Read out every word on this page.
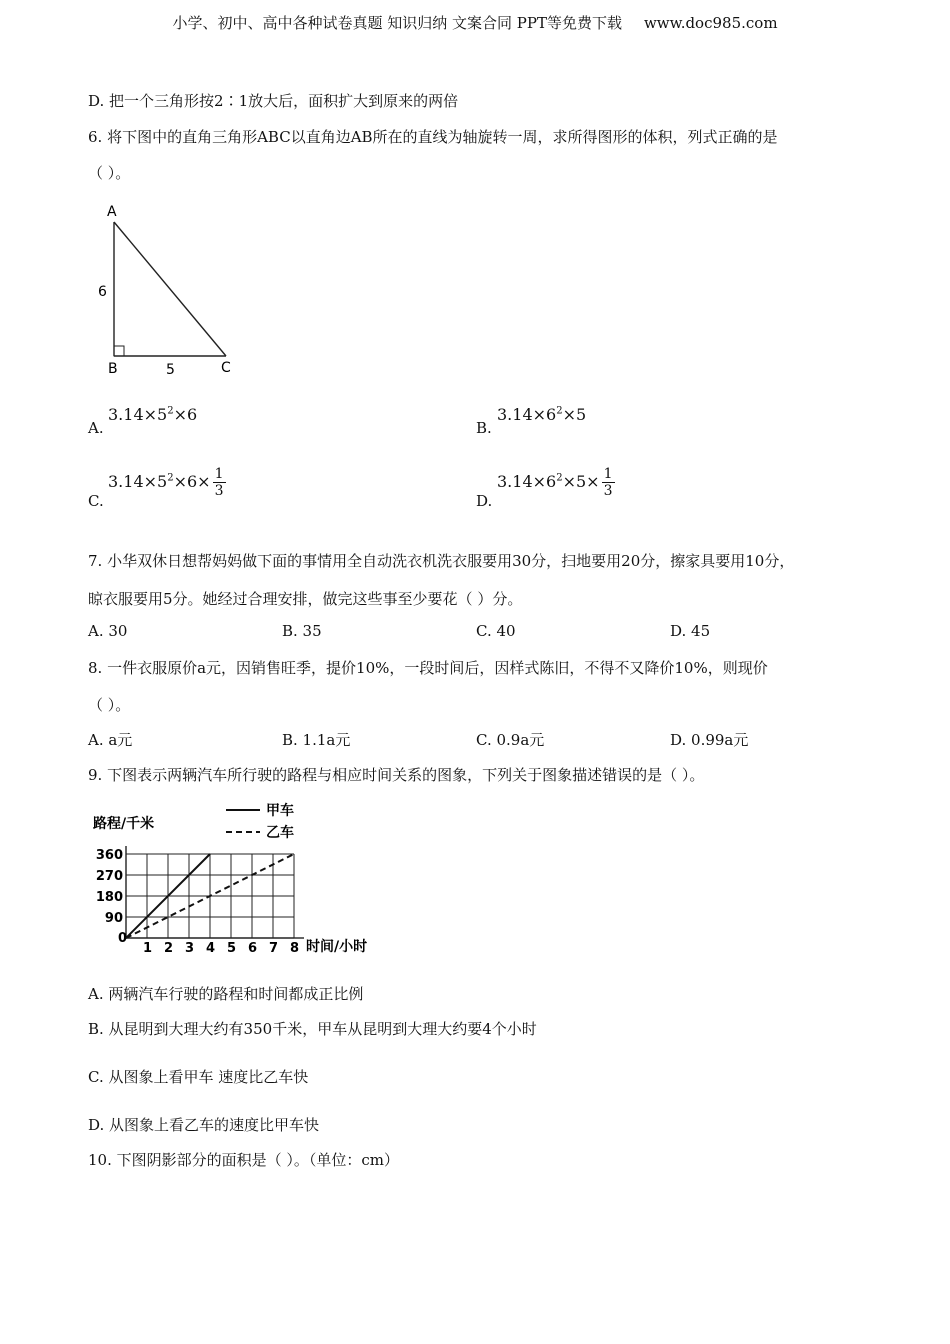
小学、初中、高中各种试卷真题 知识归纳 文案合同 PPT等免费下载 www.doc985.com
D. 把一个三角形按2∶1放大后，面积扩大到原来的两倍
6. 将下图中的直角三角形ABC以直角边AB所在的直线为轴旋转一周，求所得图形的体积，列式正确的是
（ ）。
A
B	C
6
5
A.
$3.14\times 5^2\times 6$
B.
$3.14\times 6^2\times 5$
C.
$3.14\times 5^2\times 6\times \frac{1}{3}$
D.
$3.14\times 6^2\times 5\times \frac{1}{3}$
7. 小华双休日想帮妈妈做下面的事情用全自动洗衣机洗衣服要用30分，扫地要用20分，擦家具要用10分，
晾衣服要用5分。她经过合理安排，做完这些事至少要花（ ）分。
A. 30	B. 35	C. 40	D. 45
8. 一件衣服原价a元，因销售旺季，提价10%，一段时间后，因样式陈旧，不得不又降价10%，则现价
（ ）。
A. a元	B. 1.1a元	C. 0.9a元	D. 0.99a元
9. 下图表示两辆汽车所行驶的路程与相应时间关系的图象，下列关于图象描述错误的是（ ）。
路程/千米
时间/小时
0
1 2 3 4 5 6 7 8
90
180
270
360
甲车
乙车
A. 两辆汽车行驶的路程和时间都成正比例
B. 从昆明到大理大约有350千米，甲车从昆明到大理大约要4个小时
C. 从图象上看甲车 速度比乙车快
D. 从图象上看乙车的速度比甲车快
10. 下图阴影部分的面积是（ ）。（单位：cm）
